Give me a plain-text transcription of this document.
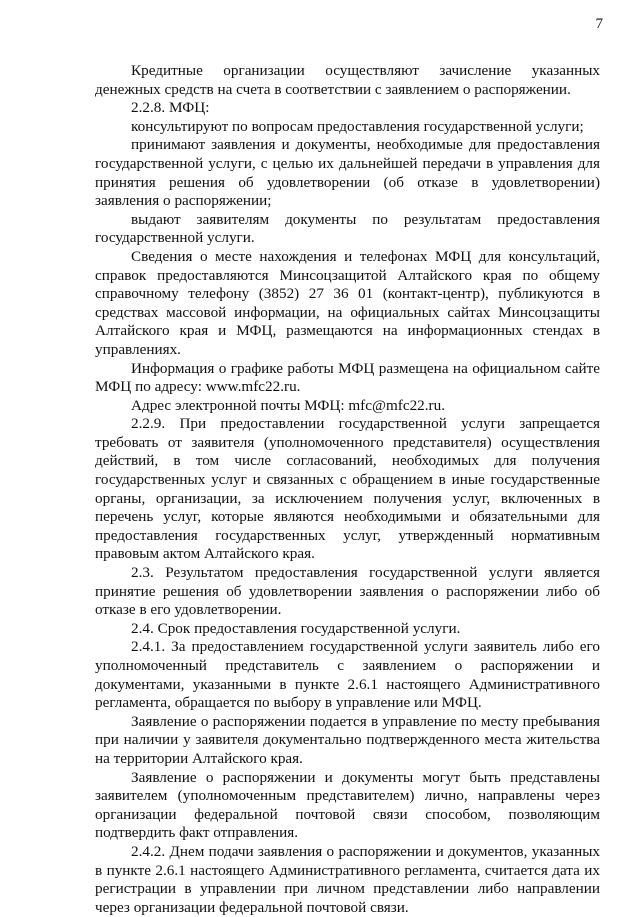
7

Кредитные организации осуществляют зачисление указанных денежных средств на счета в соответствии с заявлением о распоряжении.

2.2.8. МФЦ:

консультируют по вопросам предоставления государственной услуги;

принимают заявления и документы, необходимые для предоставления государственной услуги, с целью их дальнейшей передачи в управления для принятия решения об удовлетворении (об отказе в удовлетворении) заявления о распоряжении;

выдают заявителям документы по результатам предоставления государственной услуги.

Сведения о месте нахождения и телефонах МФЦ для консультаций, справок предоставляются Минсоцзащитой Алтайского края по общему справочному телефону (3852) 27 36 01 (контакт-центр), публикуются в средствах массовой информации, на официальных сайтах Минсоцзащиты Алтайского края и МФЦ, размещаются на информационных стендах в управлениях.

Информация о графике работы МФЦ размещена на официальном сайте МФЦ по адресу: www.mfc22.ru.

Адрес электронной почты МФЦ: mfc@mfc22.ru.

2.2.9. При предоставлении государственной услуги запрещается требовать от заявителя (уполномоченного представителя) осуществления действий, в том числе согласований, необходимых для получения государственных услуг и связанных с обращением в иные государственные органы, организации, за исключением получения услуг, включенных в перечень услуг, которые являются необходимыми и обязательными для предоставления государственных услуг, утвержденный нормативным правовым актом Алтайского края.

2.3. Результатом предоставления государственной услуги является принятие решения об удовлетворении заявления о распоряжении либо об отказе в его удовлетворении.

2.4. Срок предоставления государственной услуги.

2.4.1. За предоставлением государственной услуги заявитель либо его уполномоченный представитель с заявлением о распоряжении и документами, указанными в пункте 2.6.1 настоящего Административного регламента, обращается по выбору в управление или МФЦ.

Заявление о распоряжении подается в управление по месту пребывания при наличии у заявителя документально подтвержденного места жительства на территории Алтайского края.

Заявление о распоряжении и документы могут быть представлены заявителем (уполномоченным представителем) лично, направлены через организации федеральной почтовой связи способом, позволяющим подтвердить факт отправления.

2.4.2. Днем подачи заявления о распоряжении и документов, указанных в пункте 2.6.1 настоящего Административного регламента, считается дата их регистрации в управлении при личном представлении либо направлении через организации федеральной почтовой связи.
